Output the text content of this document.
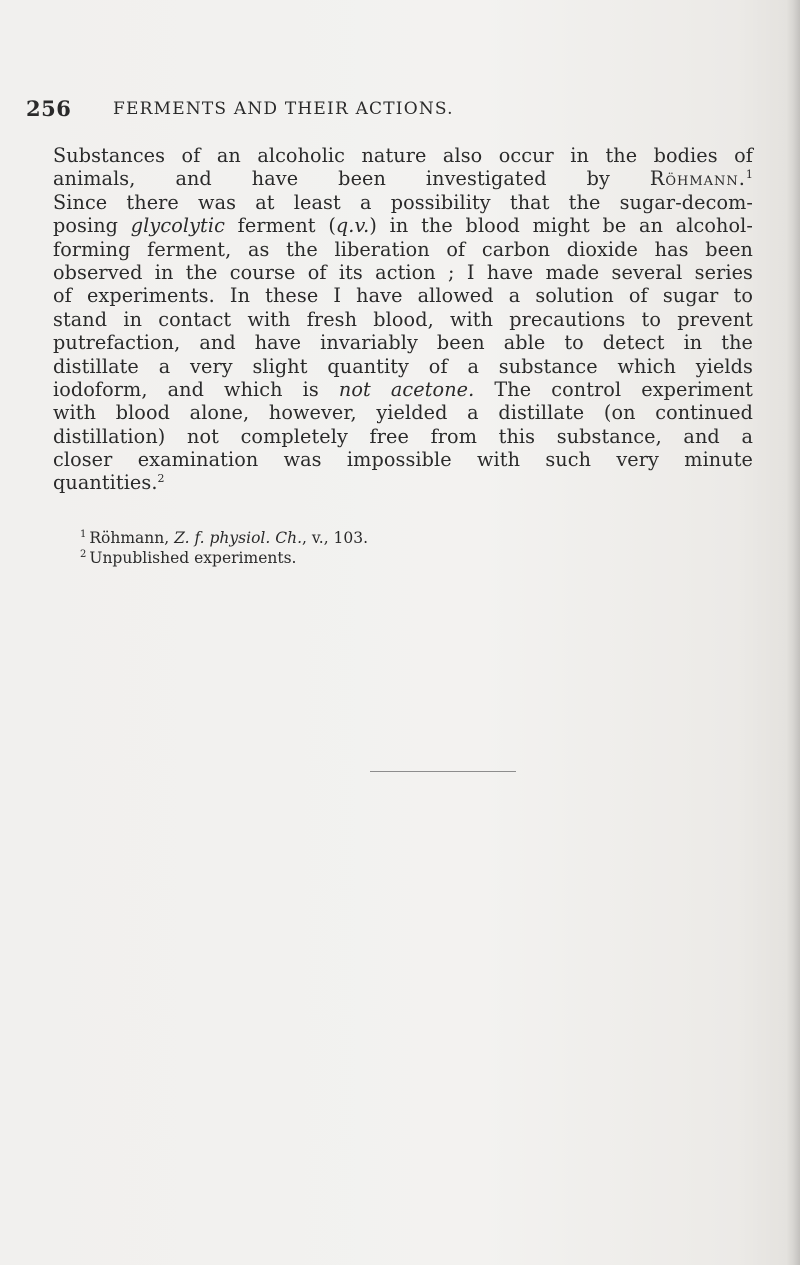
256 FERMENTS AND THEIR ACTIONS.
Substances of an alcoholic nature also occur in the bodies of
animals, and have been investigated by Röhmann.$^1$
Since there was at least a possibility that the sugar-decom-
posing glycolytic ferment (q.v.) in the blood might be an alcohol-
forming ferment, as the liberation of carbon dioxide has been
observed in the course of its action ; I have made several series
of experiments. In these I have allowed a solution of sugar to
stand in contact with fresh blood, with precautions to prevent
putrefaction, and have invariably been able to detect in the
distillate a very slight quantity of a substance which yields
iodoform, and which is not acetone. The control experiment
with blood alone, however, yielded a distillate (on continued
distillation) not completely free from this substance, and a
closer examination was impossible with such very minute
quantities.$^2$
$^1$ Röhmann, Z. f. physiol. Ch., v., 103.
$^2$ Unpublished experiments.
